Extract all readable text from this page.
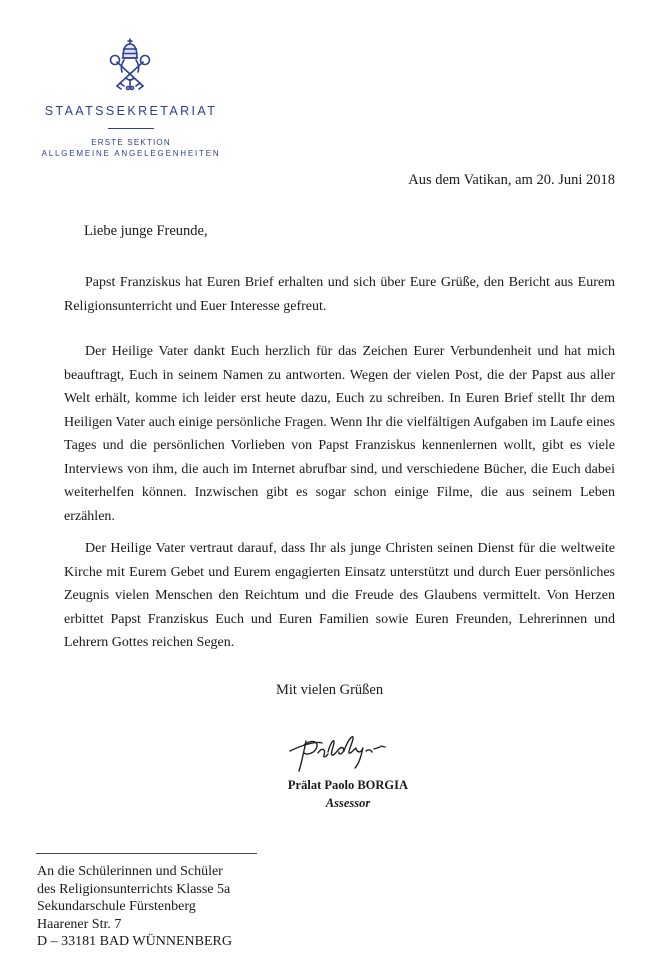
STAATSSEKRETARIAT
ERSTE SEKTION
ALLGEMEINE ANGELEGENHEITEN
Aus dem Vatikan, am 20. Juni 2018
Liebe junge Freunde,

Papst Franziskus hat Euren Brief erhalten und sich über Eure Grüße, den Bericht aus Eurem Religionsunterricht und Euer Interesse gefreut.

Der Heilige Vater dankt Euch herzlich für das Zeichen Eurer Verbundenheit und hat mich beauftragt, Euch in seinem Namen zu antworten. Wegen der vielen Post, die der Papst aus aller Welt erhält, komme ich leider erst heute dazu, Euch zu schreiben. In Euren Brief stellt Ihr dem Heiligen Vater auch einige persönliche Fragen. Wenn Ihr die vielfältigen Aufgaben im Laufe eines Tages und die persönlichen Vorlieben von Papst Franziskus kennenlernen wollt, gibt es viele Interviews von ihm, die auch im Internet abrufbar sind, und verschiedene Bücher, die Euch dabei weiterhelfen können. Inzwischen gibt es sogar schon einige Filme, die aus seinem Leben erzählen.

Der Heilige Vater vertraut darauf, dass Ihr als junge Christen seinen Dienst für die weltweite Kirche mit Eurem Gebet und Eurem engagierten Einsatz unterstützt und durch Euer persönliches Zeugnis vielen Menschen den Reichtum und die Freude des Glaubens vermittelt. Von Herzen erbittet Papst Franziskus Euch und Euren Familien sowie Euren Freunden, Lehrerinnen und Lehrern Gottes reichen Segen.

Mit vielen Grüßen
Prälat Paolo BORGIA
Assessor
An die Schülerinnen und Schüler
des Religionsunterrichts Klasse 5a
Sekundarschule Fürstenberg
Haarener Str. 7
D – 33181 BAD WÜNNENBERG
